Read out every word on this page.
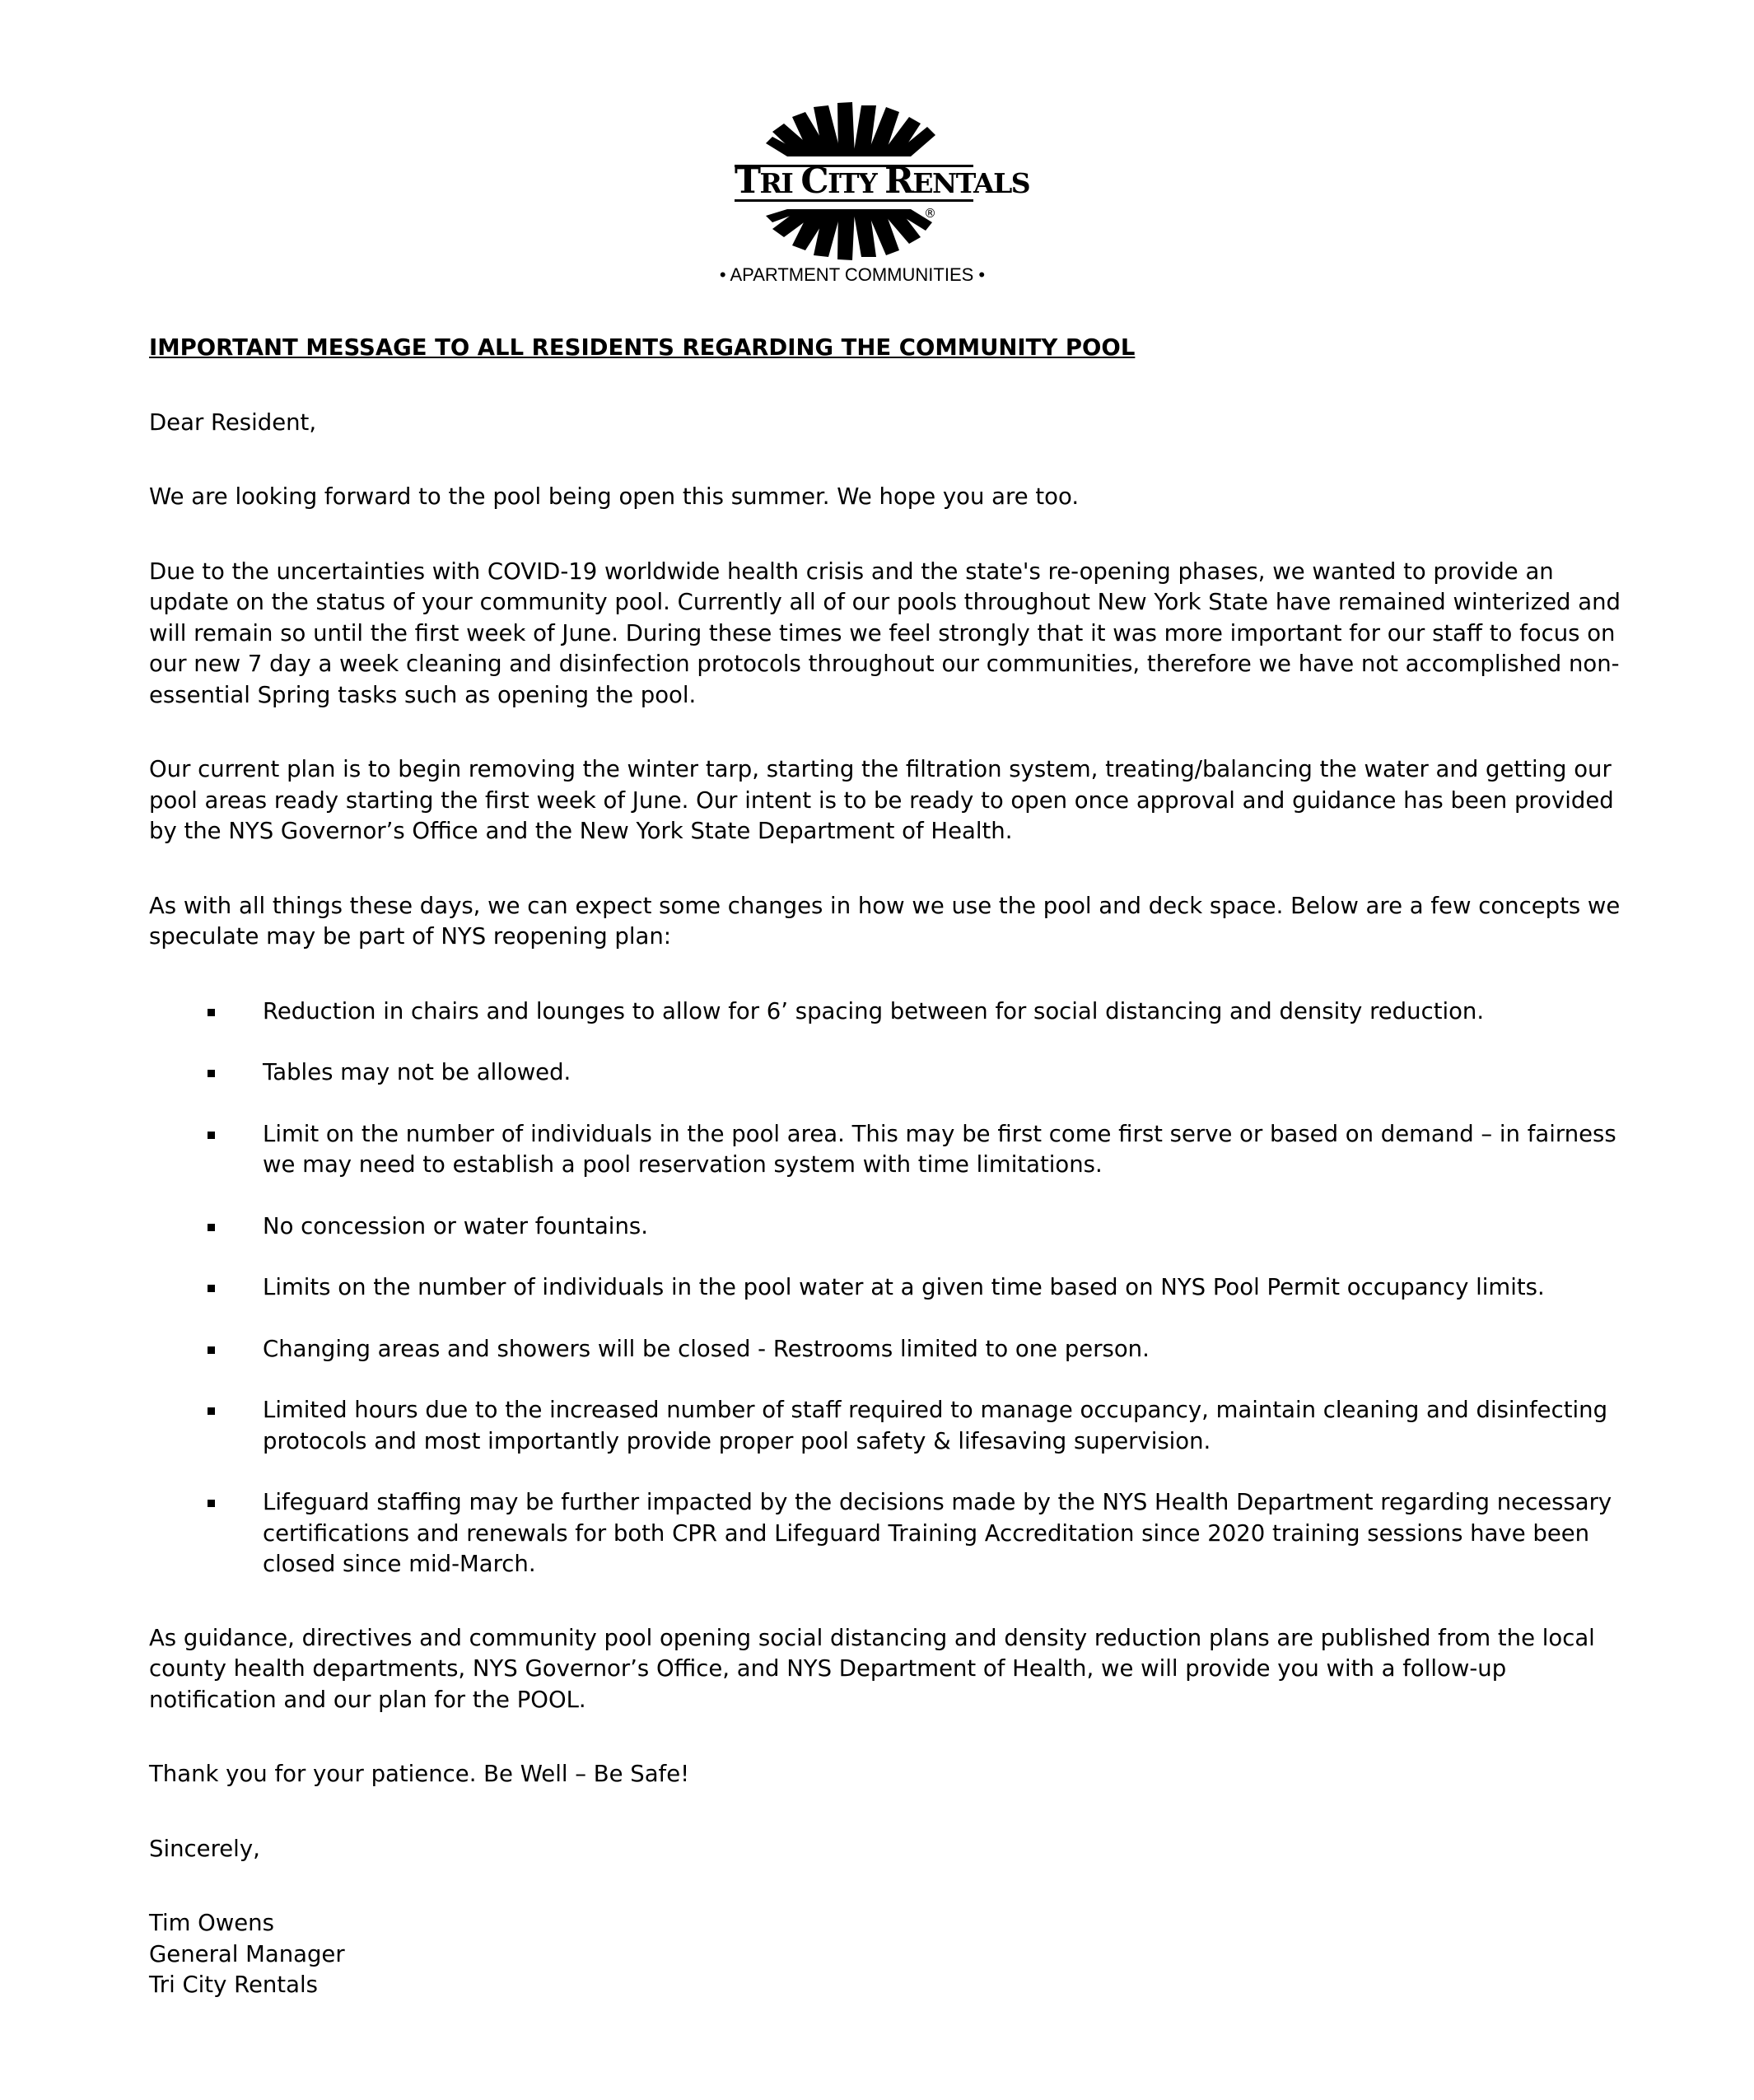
TRI CITY RENTALS
®
• APARTMENT COMMUNITIES •
IMPORTANT MESSAGE TO ALL RESIDENTS REGARDING THE COMMUNITY POOL
Dear Resident,
We are looking forward to the pool being open this summer. We hope you are too.
Due to the uncertainties with COVID-19 worldwide health crisis and the state's re-opening phases, we wanted to provide an update on the status of your community pool. Currently all of our pools throughout New York State have remained winterized and will remain so until the first week of June. During these times we feel strongly that it was more important for our staff to focus on our new 7 day a week cleaning and disinfection protocols throughout our communities, therefore we have not accomplished non-essential Spring tasks such as opening the pool.
Our current plan is to begin removing the winter tarp, starting the filtration system, treating/balancing the water and getting our pool areas ready starting the first week of June. Our intent is to be ready to open once approval and guidance has been provided by the NYS Governor’s Office and the New York State Department of Health.
As with all things these days, we can expect some changes in how we use the pool and deck space. Below are a few concepts we speculate may be part of NYS reopening plan:
Reduction in chairs and lounges to allow for 6’ spacing between for social distancing and density reduction.
Tables may not be allowed.
Limit on the number of individuals in the pool area. This may be first come first serve or based on demand – in fairness we may need to establish a pool reservation system with time limitations.
No concession or water fountains.
Limits on the number of individuals in the pool water at a given time based on NYS Pool Permit occupancy limits.
Changing areas and showers will be closed - Restrooms limited to one person.
Limited hours due to the increased number of staff required to manage occupancy, maintain cleaning and disinfecting protocols and most importantly provide proper pool safety & lifesaving supervision.
Lifeguard staffing may be further impacted by the decisions made by the NYS Health Department regarding necessary certifications and renewals for both CPR and Lifeguard Training Accreditation since 2020 training sessions have been closed since mid-March.
As guidance, directives and community pool opening social distancing and density reduction plans are published from the local county health departments, NYS Governor’s Office, and NYS Department of Health, we will provide you with a follow-up notification and our plan for the POOL.
Thank you for your patience. Be Well – Be Safe!
Sincerely,
Tim Owens
General Manager
Tri City Rentals
